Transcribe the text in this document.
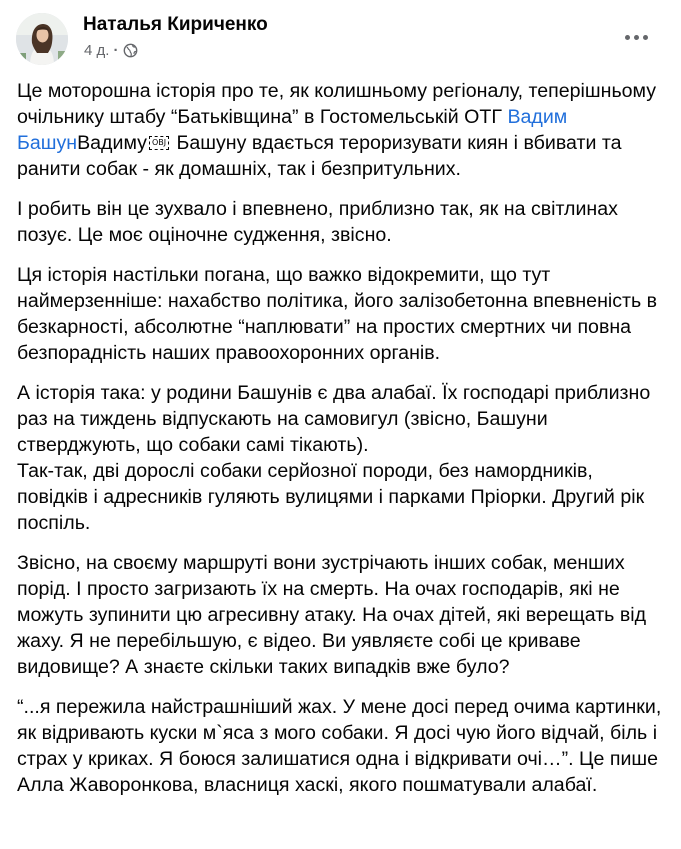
Наталья Кириченко
4 д. ·

Це моторошна історія про те, як колишньому регіоналу, теперішньому очільнику штабу “Батьківщина” в Гостомельській ОТГ Вадим БашунВадиму OBJ Башуну вдається тероризувати киян і вбивати та ранити собак - як домашніх, так і безпритульних.

І робить він це зухвало і впевнено, приблизно так, як на світлинах позує. Це моє оціночне судження, звісно.

Ця історія настільки погана, що важко відокремити, що тут наймерзенніше: нахабство політика, його залізобетонна впевненість в безкарності, абсолютне “наплювати” на простих смертних чи повна безпорадність наших правоохоронних органів.

А історія така: у родини Башунів є два алабаї. Їх господарі приблизно раз на тиждень відпускають на самовигул (звісно, Башуни стверджують, що собаки самі тікають).

Так-так, дві дорослі собаки серйозної породи, без намордників, повідків і адресників гуляють вулицями і парками Пріорки. Другий рік поспіль.

Звісно, на своєму маршруті вони зустрічають інших собак, менших порід. І просто загризають їх на смерть. На очах господарів, які не можуть зупинити цю агресивну атаку. На очах дітей, які верещать від жаху. Я не перебільшую, є відео. Ви уявляєте собі це криваве видовище? А знаєте скільки таких випадків вже було?

“...я пережила найстрашніший жах. У мене досі перед очима картинки, як відривають куски м`яса з мого собаки. Я досі чую його відчай, біль і страх у криках. Я боюся залишатися одна і відкривати очі…”. Це пише Алла Жаворонкова, власниця хаскі, якого пошматували алабаї.
